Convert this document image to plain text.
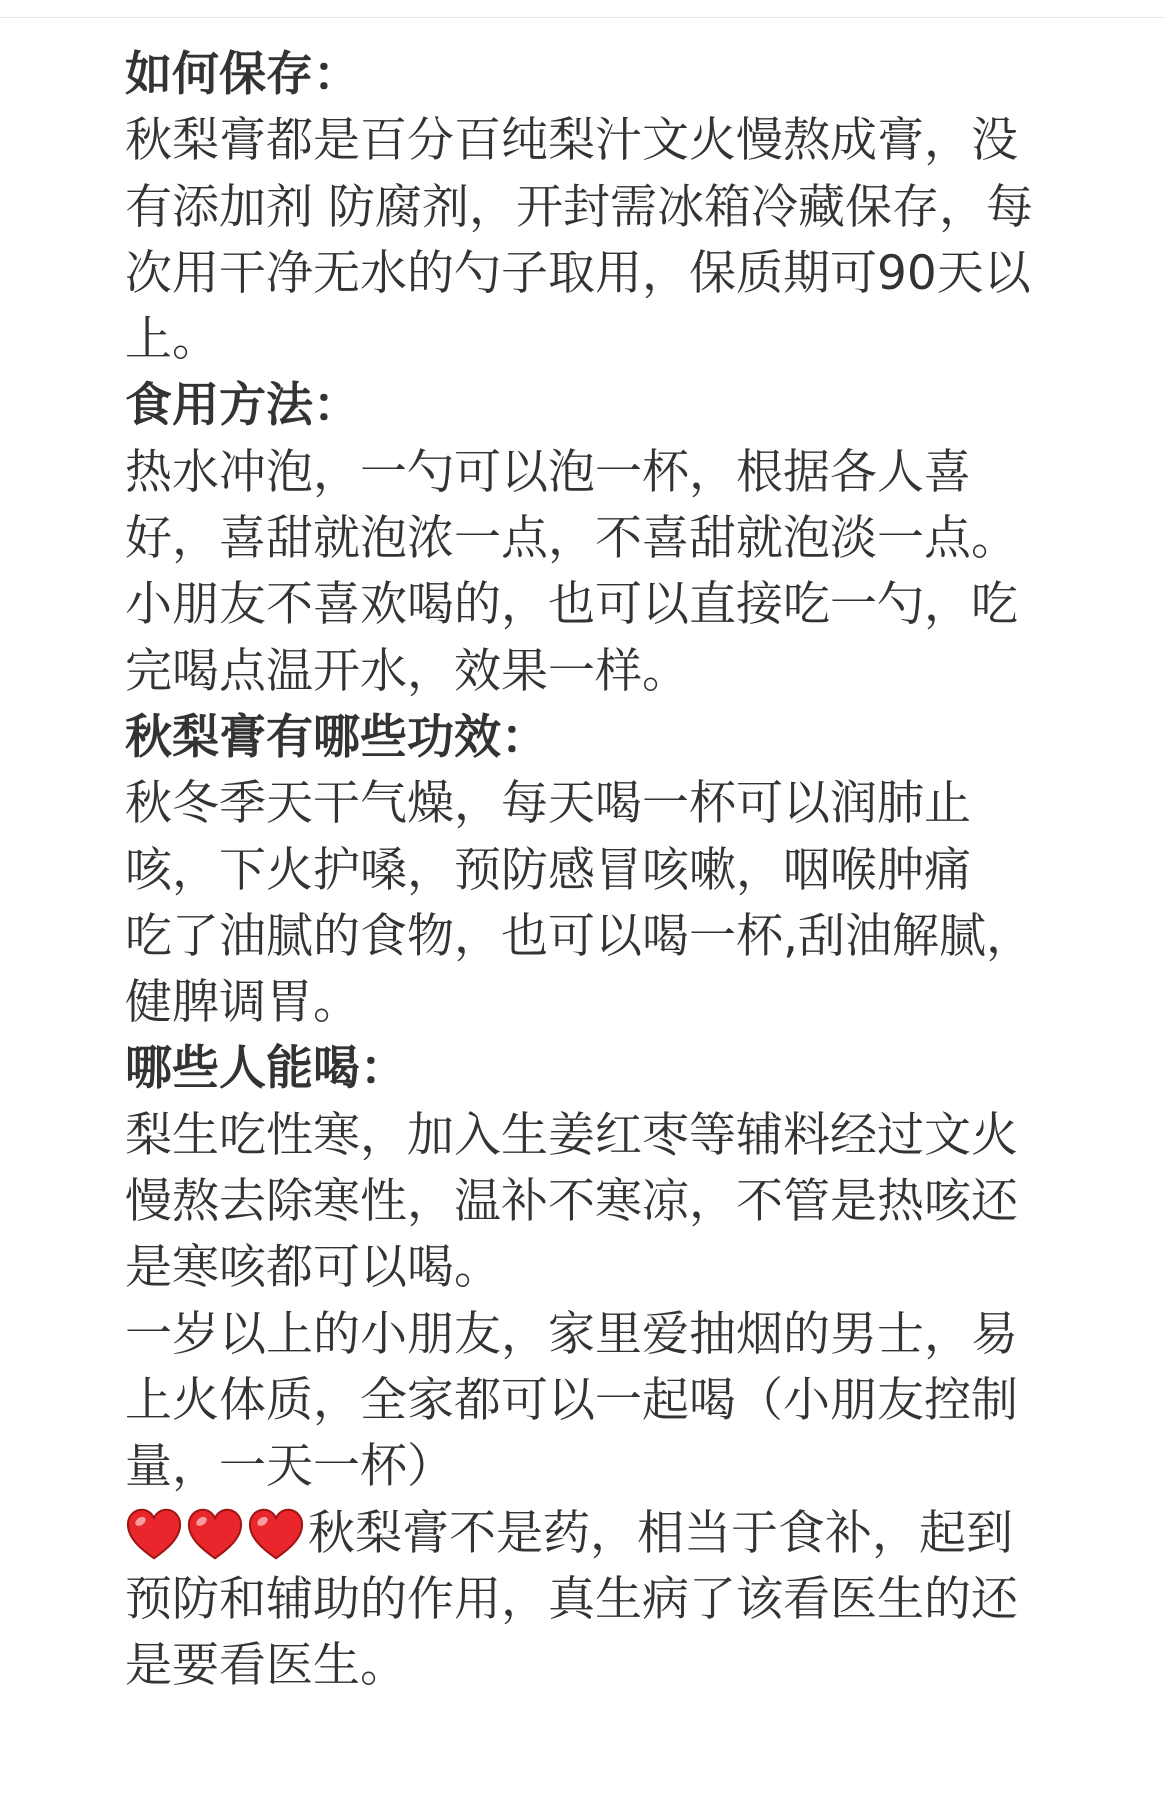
如何保存：
秋梨膏都是百分百纯梨汁文火慢熬成膏，没
有添加剂 防腐剂，开封需冰箱冷藏保存，每
次用干净无水的勺子取用，保质期可90天以
上。
食用方法：
热水冲泡，一勺可以泡一杯，根据各人喜
好，喜甜就泡浓一点，不喜甜就泡淡一点。
小朋友不喜欢喝的，也可以直接吃一勺，吃
完喝点温开水，效果一样。
秋梨膏有哪些功效：
秋冬季天干气燥，每天喝一杯可以润肺止
咳，下火护嗓，预防感冒咳嗽，咽喉肿痛
吃了油腻的食物，也可以喝一杯,刮油解腻，
健脾调胃。
哪些人能喝：
梨生吃性寒，加入生姜红枣等辅料经过文火
慢熬去除寒性，温补不寒凉，不管是热咳还
是寒咳都可以喝。
一岁以上的小朋友，家里爱抽烟的男士，易
上火体质，全家都可以一起喝（小朋友控制
量，一天一杯）
秋梨膏不是药，相当于食补，起到
预防和辅助的作用，真生病了该看医生的还
是要看医生。
